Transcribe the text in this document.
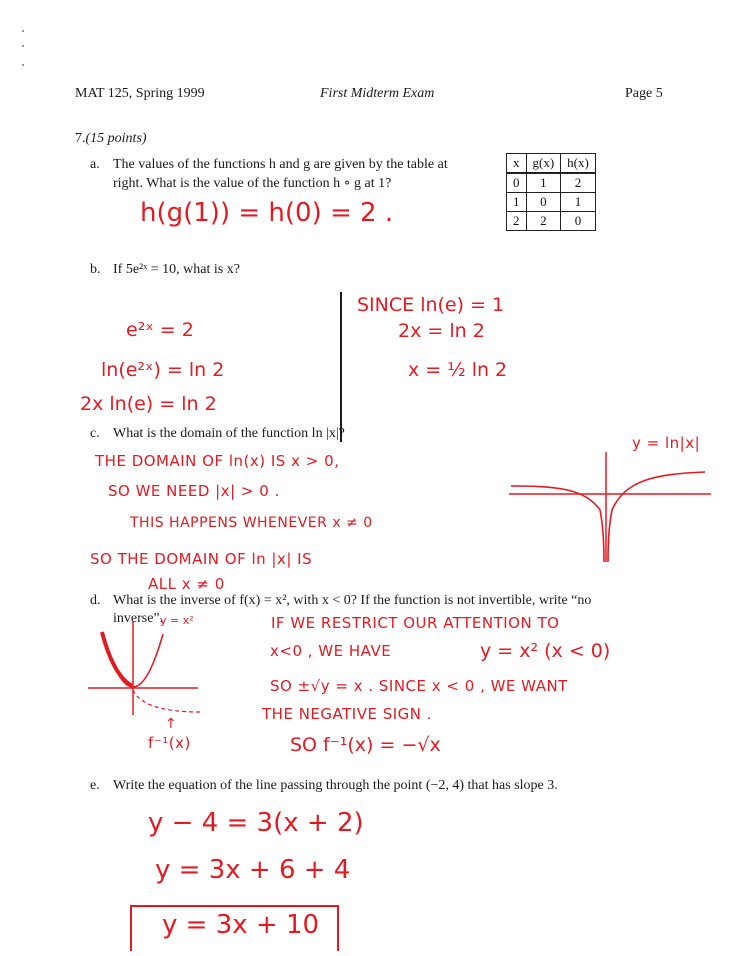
MAT 125, Spring 1999	First Midterm Exam	Page 5
7.(15 points)
a. The values of the functions h and g are given by the table at
right. What is the value of the function h ∘ g at 1?
x	g(x)	h(x)
0	1	2
1	0	1
2	2	0
h(g(1)) = h(0) = 2 .
b. If 5e²ˣ = 10, what is x?
e²ˣ = 2
ln(e²ˣ) = ln 2
2x ln(e) = ln 2
SINCE ln(e) = 1
2x = ln 2
x = ½ ln 2
c. What is the domain of the function ln |x|?
THE DOMAIN OF ln(x) IS x > 0,
SO WE NEED |x| > 0 .
THIS HAPPENS WHENEVER x ≠ 0
SO THE DOMAIN OF ln |x| IS
ALL x ≠ 0
y = ln|x|
d. What is the inverse of f(x) = x², with x < 0? If the function is not invertible, write “no
inverse”.
y = x²
↑
f⁻¹(x)
IF WE RESTRICT OUR ATTENTION TO
x<0 , WE HAVE	y = x² (x < 0)
SO ±√y = x . SINCE x < 0 , WE WANT
THE NEGATIVE SIGN .
SO f⁻¹(x) = −√x
e. Write the equation of the line passing through the point (−2, 4) that has slope 3.
y − 4 = 3(x + 2)
y = 3x + 6 + 4
y = 3x + 10
